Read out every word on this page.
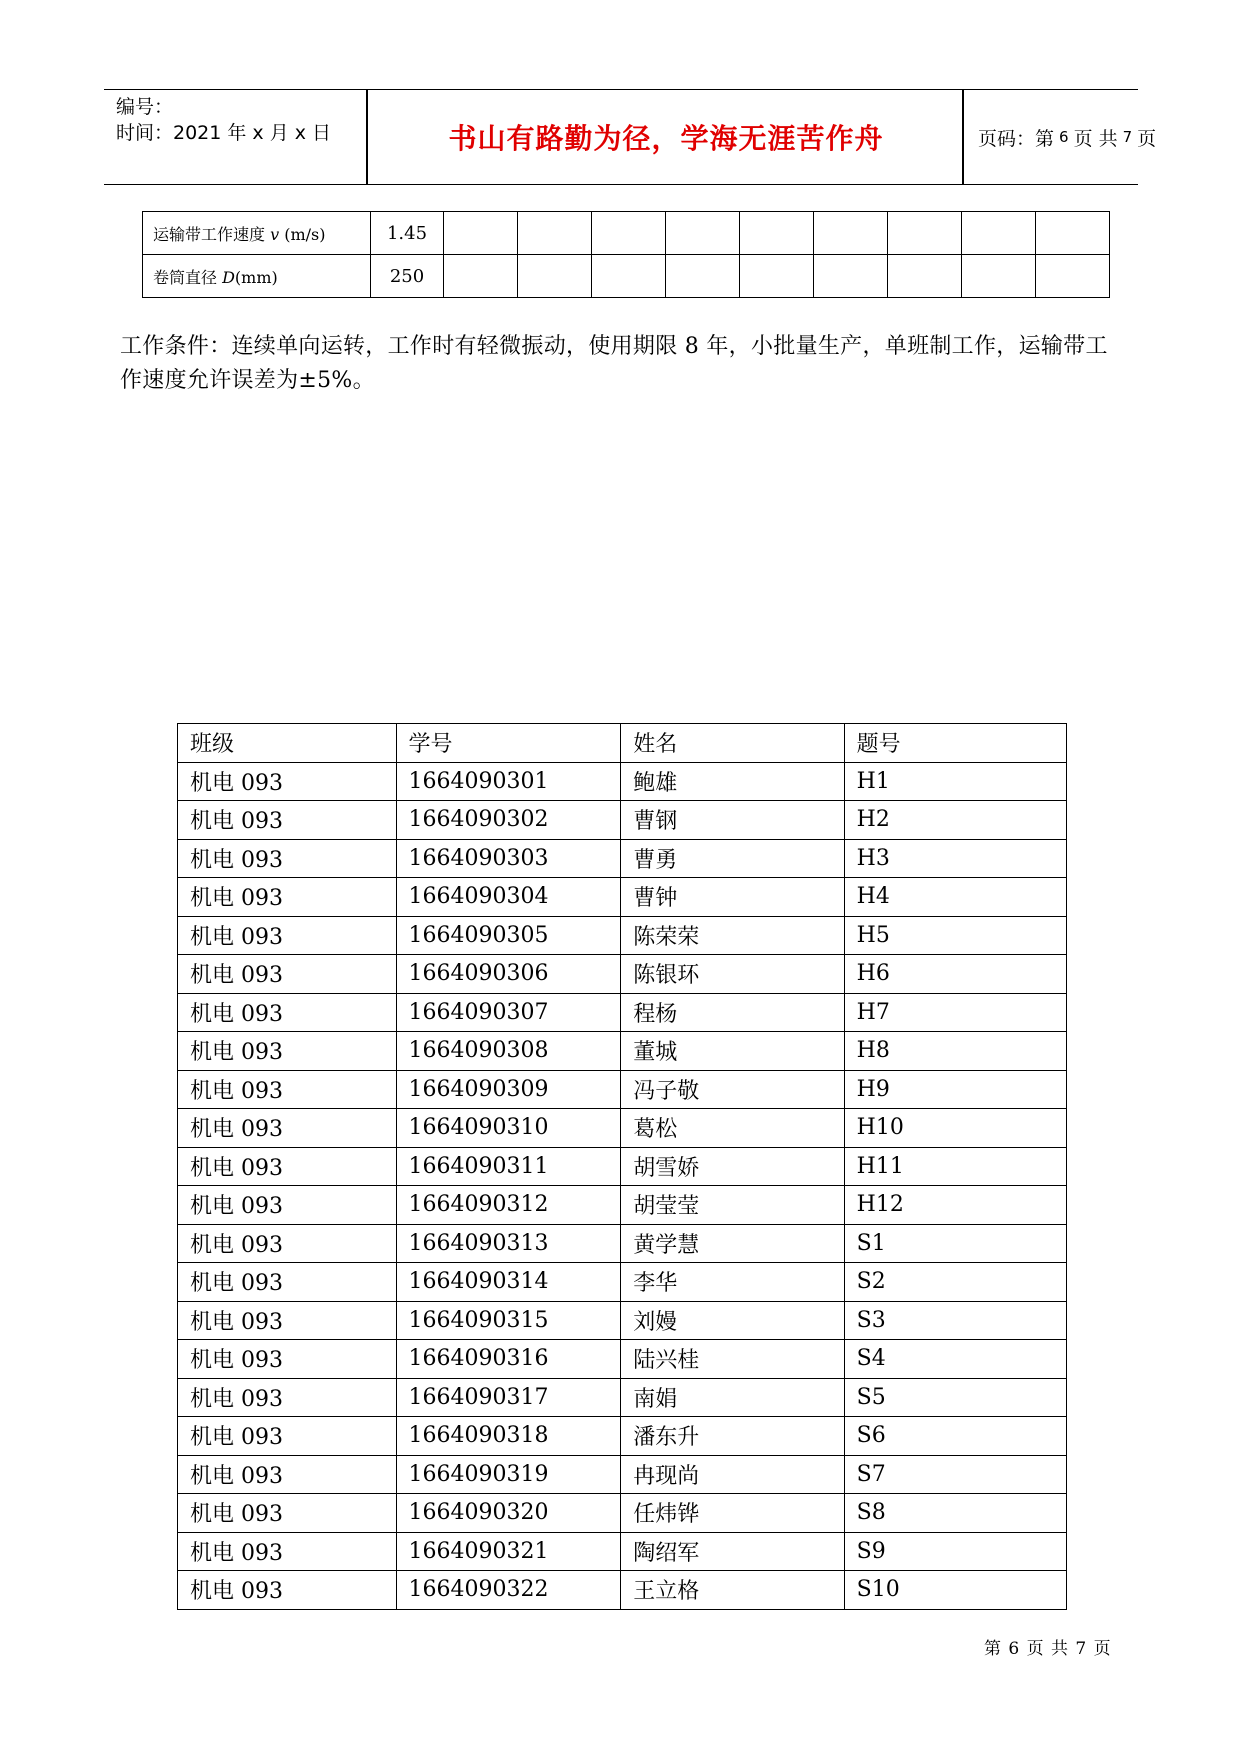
编号：
时间：2021 年 x 月 x 日	书山有路勤为径，学海无涯苦作舟	页码：第 6 页 共 7 页
运输带工作速度 v (m/s)	1.45									
卷筒直径 D(mm)	250									
工作条件：连续单向运转，工作时有轻微振动，使用期限 8 年，小批量生产，单班制工作，运输带工作速度允许误差为±5%。
班级	学号	姓名	题号
机电 093	1664090301	鲍雄	H1
机电 093	1664090302	曹钢	H2
机电 093	1664090303	曹勇	H3
机电 093	1664090304	曹钟	H4
机电 093	1664090305	陈荣荣	H5
机电 093	1664090306	陈银环	H6
机电 093	1664090307	程杨	H7
机电 093	1664090308	董城	H8
机电 093	1664090309	冯子敬	H9
机电 093	1664090310	葛松	H10
机电 093	1664090311	胡雪娇	H11
机电 093	1664090312	胡莹莹	H12
机电 093	1664090313	黄学慧	S1
机电 093	1664090314	李华	S2
机电 093	1664090315	刘嫚	S3
机电 093	1664090316	陆兴桂	S4
机电 093	1664090317	南娟	S5
机电 093	1664090318	潘东升	S6
机电 093	1664090319	冉现尚	S7
机电 093	1664090320	任炜铧	S8
机电 093	1664090321	陶绍军	S9
机电 093	1664090322	王立格	S10
第 6 页 共 7 页
